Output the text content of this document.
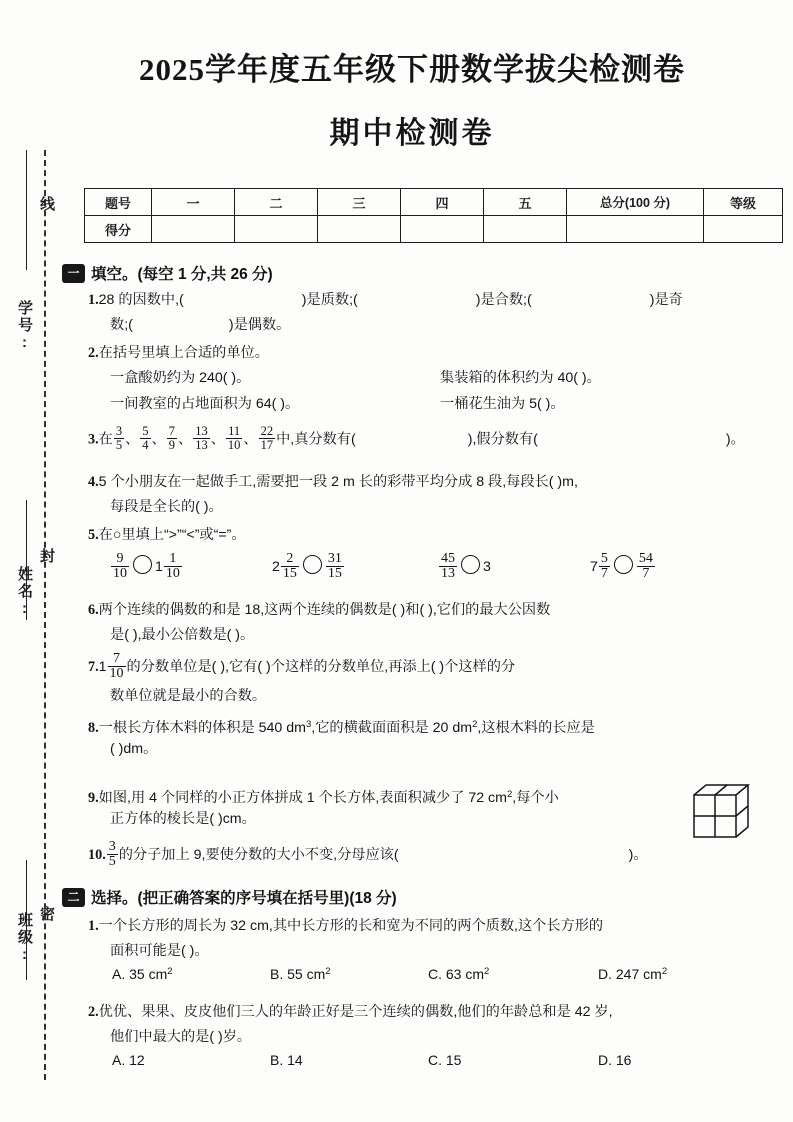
线
封
密
学号:
姓名:
班级:
2025学年度五年级下册数学拔尖检测卷
期中检测卷
题号	一	二	三	四	五	总分(100 分)	等级
得分							
一 填空。(每空 1 分,共 26 分)
1.28 的因数中,(	)是质数;(	)是合数;(	)是奇
数;(	)是偶数。
2.在括号里填上合适的单位。
一盒酸奶约为 240( )。	集装箱的体积约为 40( )。
一间教室的占地面积为 64( )。	一桶花生油为 5( )。
3.在 $\frac{3}{5}$ 、 $\frac{5}{4}$ 、 $\frac{7}{9}$ 、 $\frac{13}{13}$ 、 $\frac{11}{10}$ 、 $\frac{22}{17}$ 中,真分数有(	),假分数有(	)。
4.5 个小朋友在一起做手工,需要把一段 2 m 长的彩带平均分成 8 段,每段长( )m,
每段是全长的( )。
5.在○里填上“>”“<”或“=”。
$\frac{9}{10} 1 \frac{1}{10}$	$2 \frac{2}{15} \frac{31}{15}$	$\frac{45}{13} 3$	$7 \frac{5}{7} \frac{54}{7}$
6.两个连续的偶数的和是 18,这两个连续的偶数是( )和( ),它们的最大公因数
是( ),最小公倍数是( )。
$7.1 \frac{7}{10}$ 的分数单位是( ),它有( )个这样的分数单位,再添上( )个这样的分
数单位就是最小的合数。
8.一根长方体木料的体积是 540 $dm^3$,它的横截面面积是 20 $dm^2$,这根木料的长应是
( )dm。
9.如图,用 4 个同样的小正方体拼成 1 个长方体,表面积减少了 72 $cm^2$,每个小
正方体的棱长是( )cm。
10. $\frac{3}{5}$ 的分子加上 9,要使分数的大小不变,分母应该(	)。
二 选择。(把正确答案的序号填在括号里)(18 分)
1.一个长方形的周长为 32 cm,其中长方形的长和宽为不同的两个质数,这个长方形的
面积可能是( )。
A. 35 $cm^2$	B. 55 $cm^2$	C. 63 $cm^2$	D. 247 $cm^2$
2.优优、果果、皮皮他们三人的年龄正好是三个连续的偶数,他们的年龄总和是 42 岁,
他们中最大的是( )岁。
A. 12	B. 14	C. 15	D. 16
